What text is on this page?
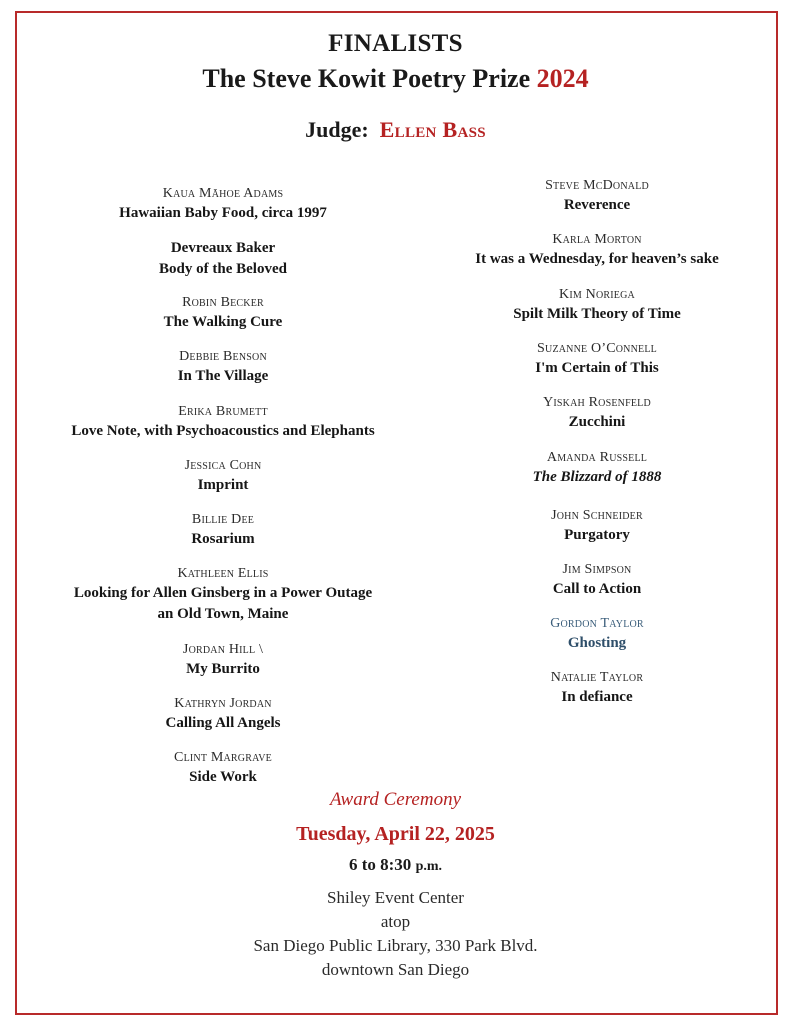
FINALISTS
The Steve Kowit Poetry Prize 2024
Judge: Ellen Bass
Kaua Māhoe Adams
Hawaiian Baby Food, circa 1997
Devreaux Baker
Body of the Beloved
Robin Becker
The Walking Cure
Debbie Benson
In The Village
Erika Brumett
Love Note, with Psychoacoustics and Elephants
Jessica Cohn
Imprint
Billie Dee
Rosarium
Kathleen Ellis
Looking for Allen Ginsberg in a Power Outage
an Old Town, Maine
Jordan Hill \
My Burrito
Kathryn Jordan
Calling All Angels
Clint Margrave
Side Work
Steve McDonald
Reverence
Karla Morton
It was a Wednesday, for heaven’s sake
Kim Noriega
Spilt Milk Theory of Time
Suzanne O’Connell
I'm Certain of This
Yiskah Rosenfeld
Zucchini
Amanda Russell
The Blizzard of 1888
John Schneider
Purgatory
Jim Simpson
Call to Action
Gordon Taylor
Ghosting
Natalie Taylor
In defiance
Award Ceremony
Tuesday, April 22, 2025
6 to 8:30 p.m.
Shiley Event Center
atop
San Diego Public Library, 330 Park Blvd.
downtown San Diego
